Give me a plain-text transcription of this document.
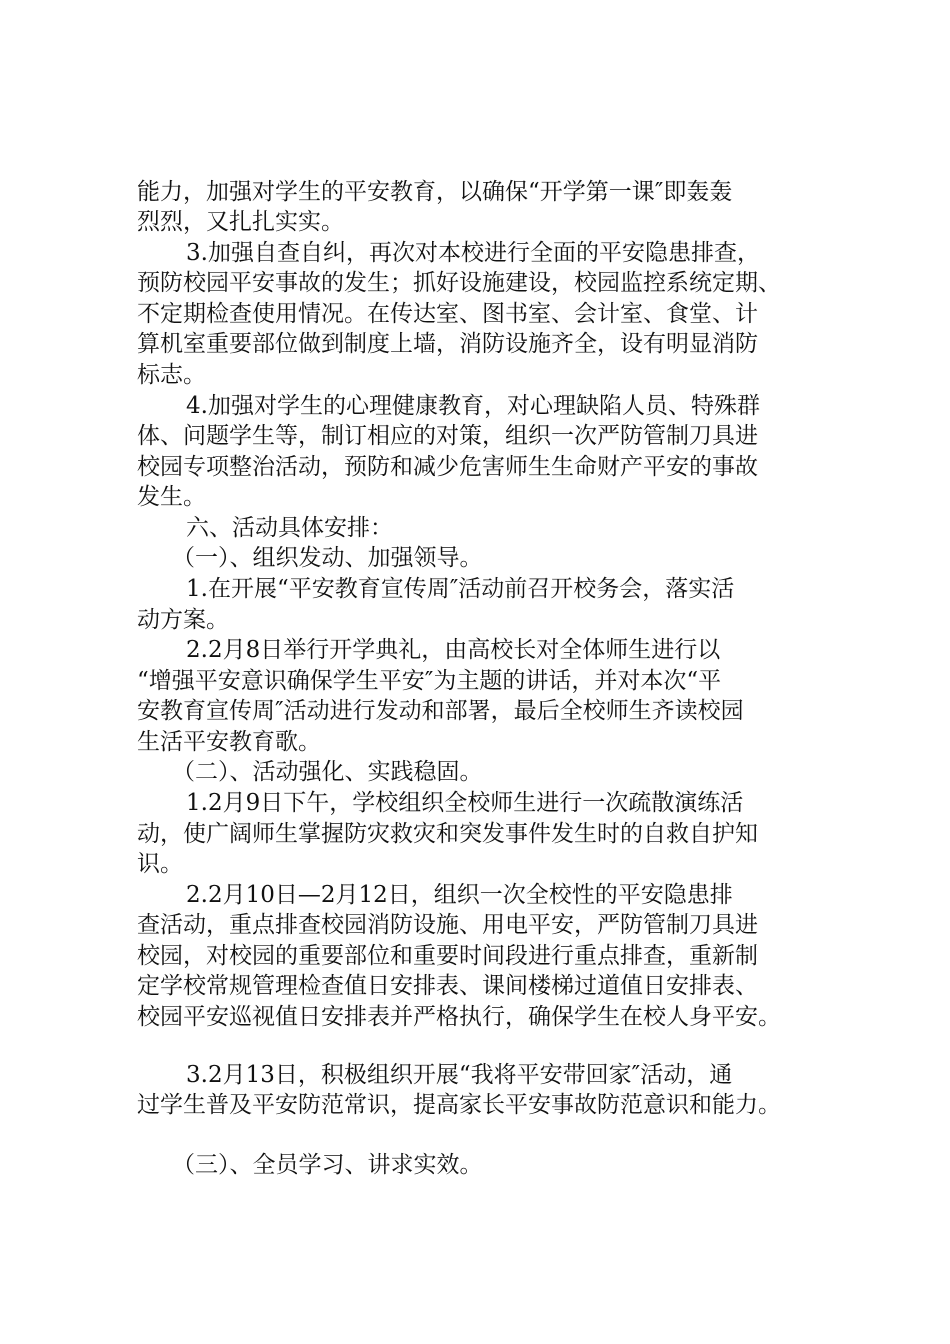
能力，加强对学生的平安教育，以确保“开学第一课″即轰轰
烈烈，又扎扎实实。
3.加强自查自纠，再次对本校进行全面的平安隐患排查，
预防校园平安事故的发生；抓好设施建设，校园监控系统定期、
不定期检查使用情况。在传达室、图书室、会计室、食堂、计
算机室重要部位做到制度上墙，消防设施齐全，设有明显消防
标志。
4.加强对学生的心理健康教育，对心理缺陷人员、特殊群
体、问题学生等，制订相应的对策，组织一次严防管制刀具进
校园专项整治活动，预防和减少危害师生生命财产平安的事故
发生。
六、活动具体安排：
（一）、组织发动、加强领导。
1.在开展“平安教育宣传周″活动前召开校务会，落实活
动方案。
2.2月8日举行开学典礼，由高校长对全体师生进行以
“增强平安意识确保学生平安″为主题的讲话，并对本次“平
安教育宣传周″活动进行发动和部署，最后全校师生齐读校园
生活平安教育歌。
（二）、活动强化、实践稳固。
1.2月9日下午，学校组织全校师生进行一次疏散演练活
动，使广阔师生掌握防灾救灾和突发事件发生时的自救自护知
识。
2.2月10日—2月12日，组织一次全校性的平安隐患排
查活动，重点排查校园消防设施、用电平安，严防管制刀具进
校园，对校园的重要部位和重要时间段进行重点排查，重新制
定学校常规管理检查值日安排表、课间楼梯过道值日安排表、
校园平安巡视值日安排表并严格执行，确保学生在校人身平安。
3.2月13日，积极组织开展“我将平安带回家″活动，通
过学生普及平安防范常识，提高家长平安事故防范意识和能力。
（三）、全员学习、讲求实效。
